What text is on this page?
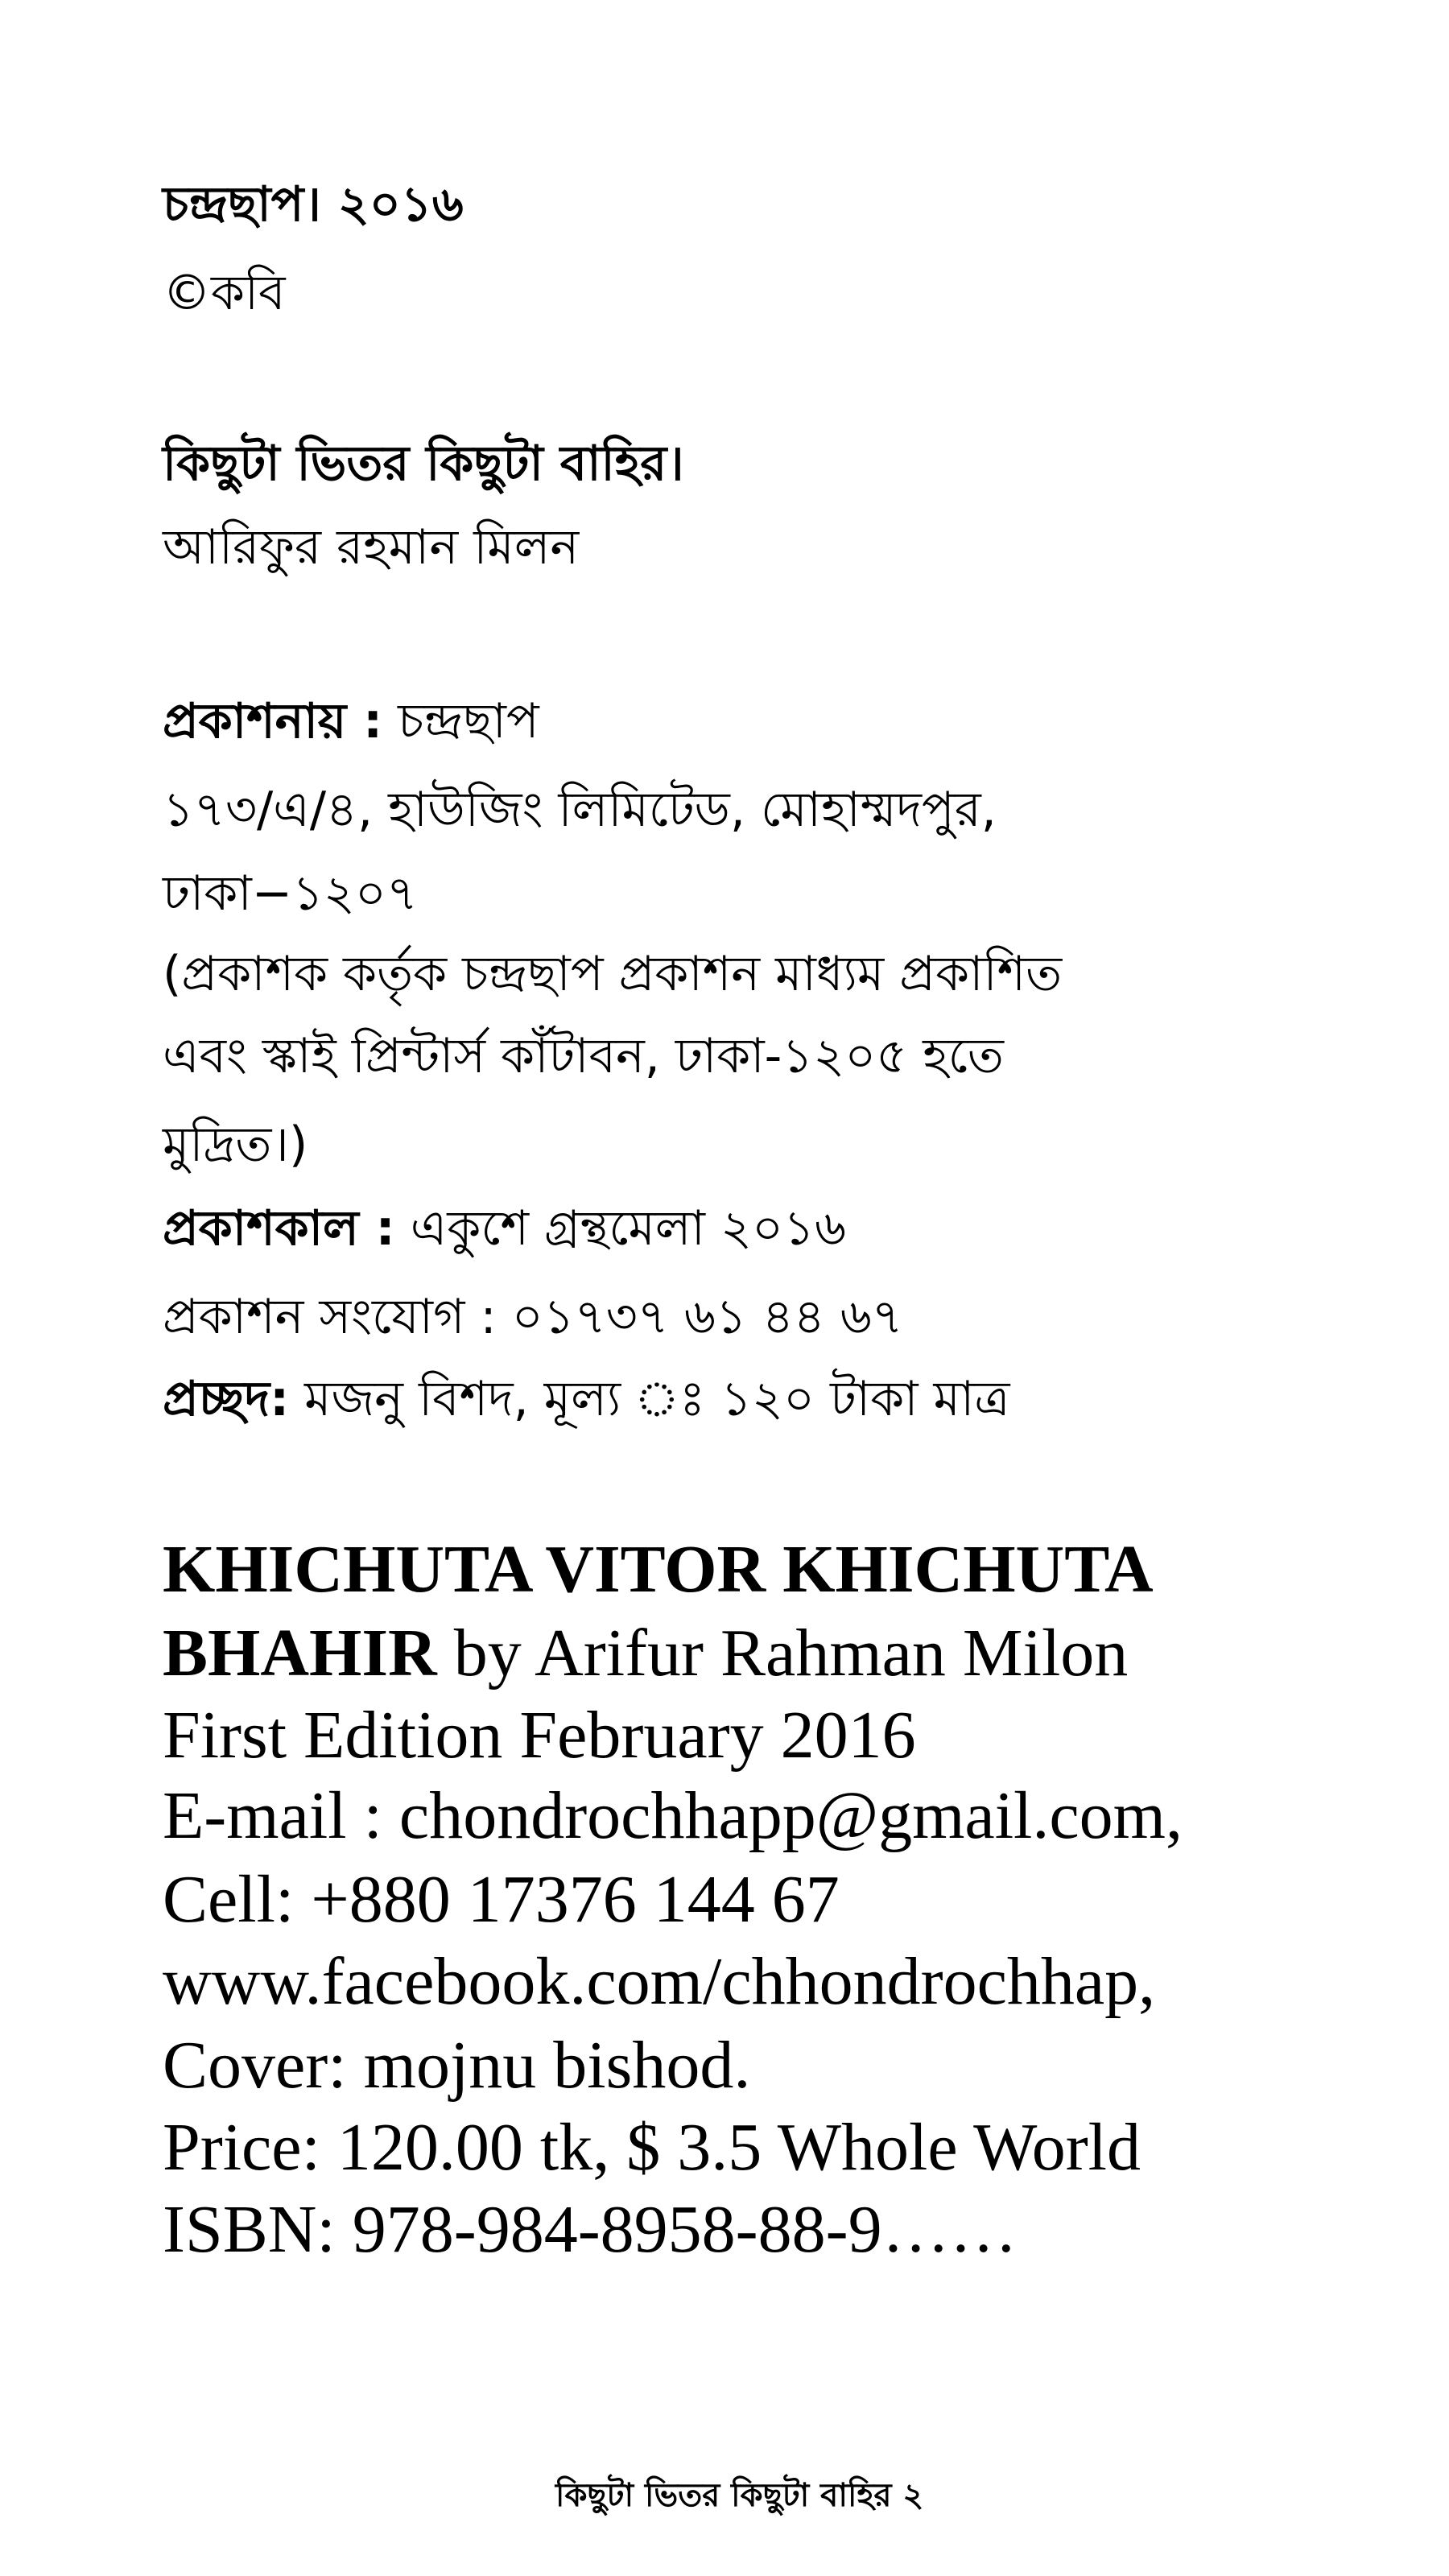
চন্দ্রছাপ। ২০১৬
©কবি
কিছুটা ভিতর কিছুটা বাহির।
আরিফুর রহমান মিলন
প্রকাশনায় : চন্দ্রছাপ
১৭৩/এ/৪, হাউজিং লিমিটেড, মোহাম্মদপুর,
ঢাকা−১২০৭
(প্রকাশক কর্তৃক চন্দ্রছাপ প্রকাশন মাধ্যম প্রকাশিত
এবং স্কাই প্রিন্টার্স কাঁটাবন, ঢাকা-১২০৫ হতে
মুদ্রিত।)
প্রকাশকাল : একুশে গ্রন্থমেলা ২০১৬
প্রকাশন সংযোগ : ০১৭৩৭ ৬১ ৪৪ ৬৭
প্রচ্ছদ: মজনু বিশদ, মূল্য ঃ ১২০ টাকা মাত্র
KHICHUTA VITOR KHICHUTA
BHAHIR by Arifur Rahman Milon
First Edition February 2016
E-mail : chondrochhapp@gmail.com,
Cell: +880 17376 144 67
www.facebook.com/chhondrochhap,
Cover: mojnu bishod.
Price: 120.00 tk, $ 3.5 Whole World
ISBN: 978-984-8958-88-9……
কিছুটা ভিতর কিছুটা বাহির ২
